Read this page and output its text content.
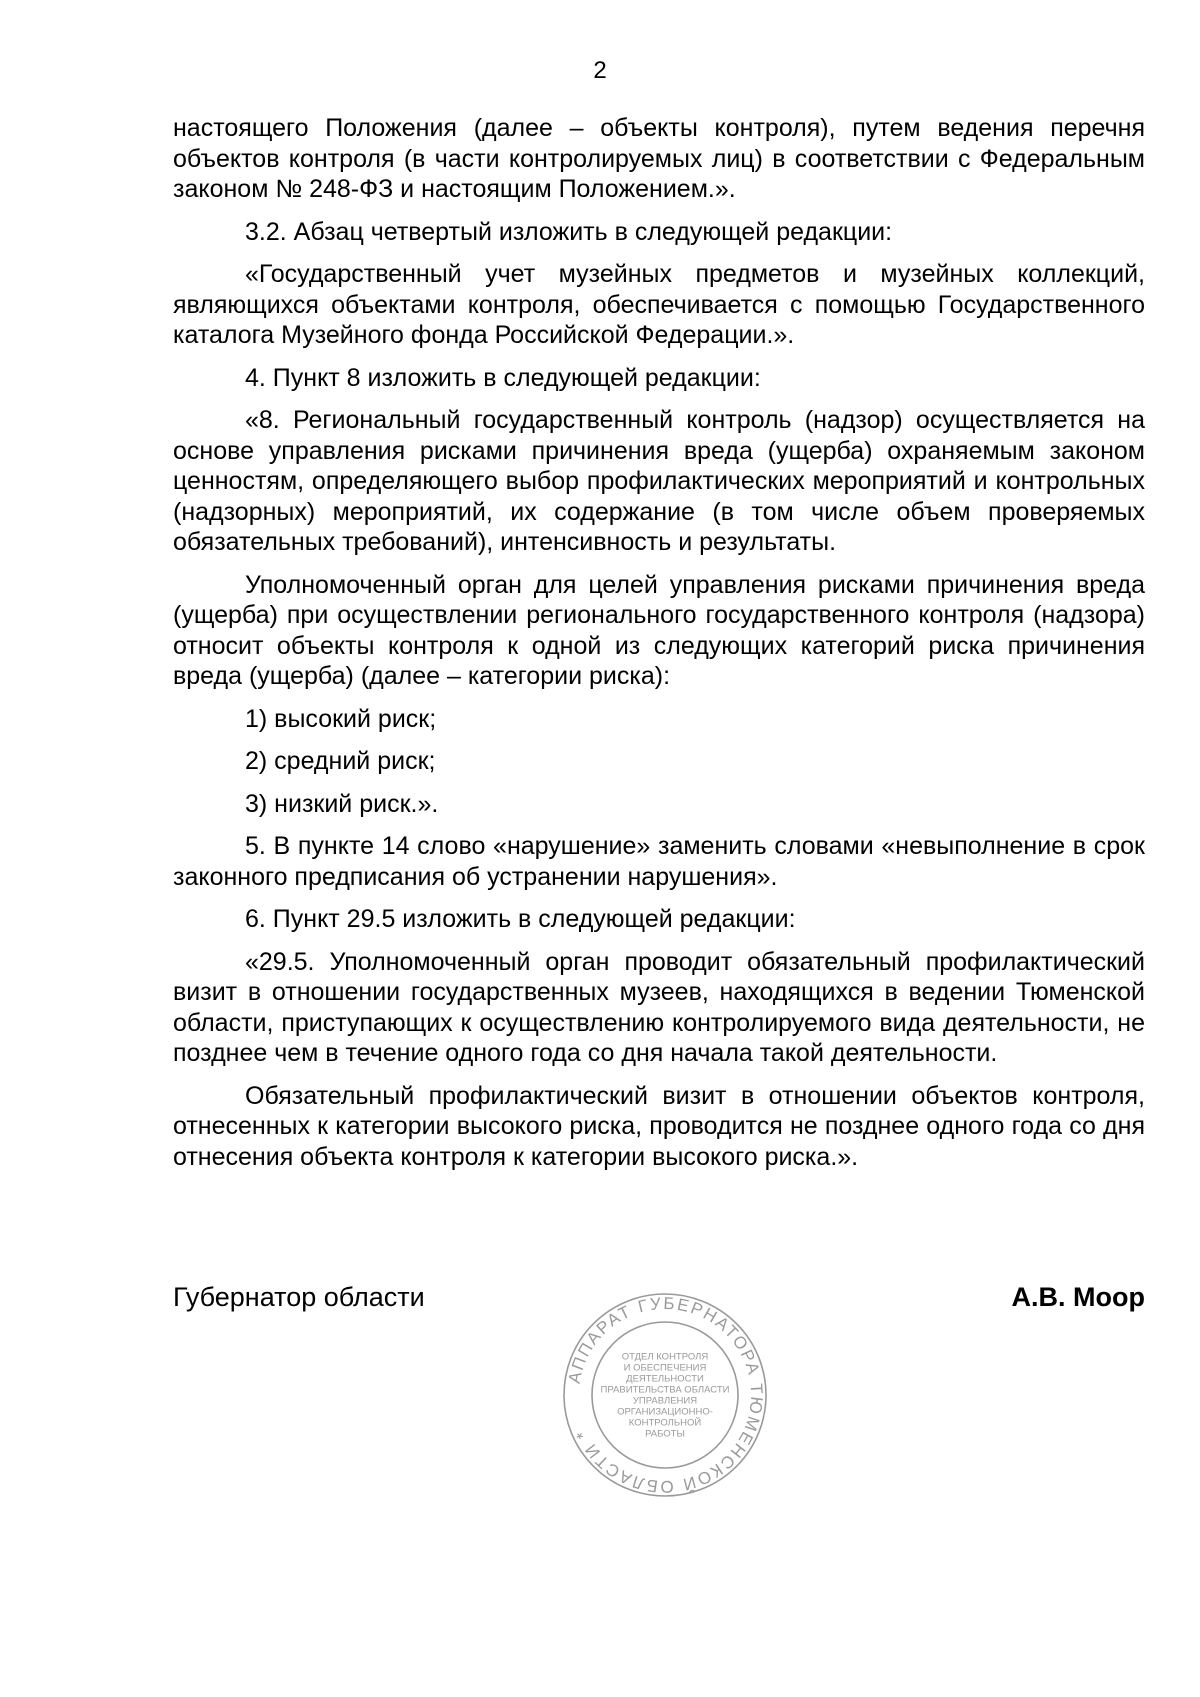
2

настоящего Положения (далее – объекты контроля), путем ведения перечня объектов контроля (в части контролируемых лиц) в соответствии с Федеральным законом № 248-ФЗ и настоящим Положением.».

3.2. Абзац четвертый изложить в следующей редакции:

«Государственный учет музейных предметов и музейных коллекций, являющихся объектами контроля, обеспечивается с помощью Государственного каталога Музейного фонда Российской Федерации.».

4. Пункт 8 изложить в следующей редакции:

«8. Региональный государственный контроль (надзор) осуществляется на основе управления рисками причинения вреда (ущерба) охраняемым законом ценностям, определяющего выбор профилактических мероприятий и контрольных (надзорных) мероприятий, их содержание (в том числе объем проверяемых обязательных требований), интенсивность и результаты.

Уполномоченный орган для целей управления рисками причинения вреда (ущерба) при осуществлении регионального государственного контроля (надзора) относит объекты контроля к одной из следующих категорий риска причинения вреда (ущерба) (далее – категории риска):

1) высокий риск;

2) средний риск;

3) низкий риск.».

5. В пункте 14 слово «нарушение» заменить словами «невыполнение в срок законного предписания об устранении нарушения».

6. Пункт 29.5 изложить в следующей редакции:

«29.5. Уполномоченный орган проводит обязательный профилактический визит в отношении государственных музеев, находящихся в ведении Тюменской области, приступающих к осуществлению контролируемого вида деятельности, не позднее чем в течение одного года со дня начала такой деятельности.

Обязательный профилактический визит в отношении объектов контроля, отнесенных к категории высокого риска, проводится не позднее одного года со дня отнесения объекта контроля к категории высокого риска.».

Губернатор области	А.В. Моор
АППАРАТ ГУБЕРНАТОРА ТЮМЕНСКОЙ ОБЛАСТИ *
ОТДЕЛ КОНТРОЛЯ
И ОБЕСПЕЧЕНИЯ
ДЕЯТЕЛЬНОСТИ
ПРАВИТЕЛЬСТВА ОБЛАСТИ
УПРАВЛЕНИЯ
ОРГАНИЗАЦИОННО-
КОНТРОЛЬНОЙ
РАБОТЫ
